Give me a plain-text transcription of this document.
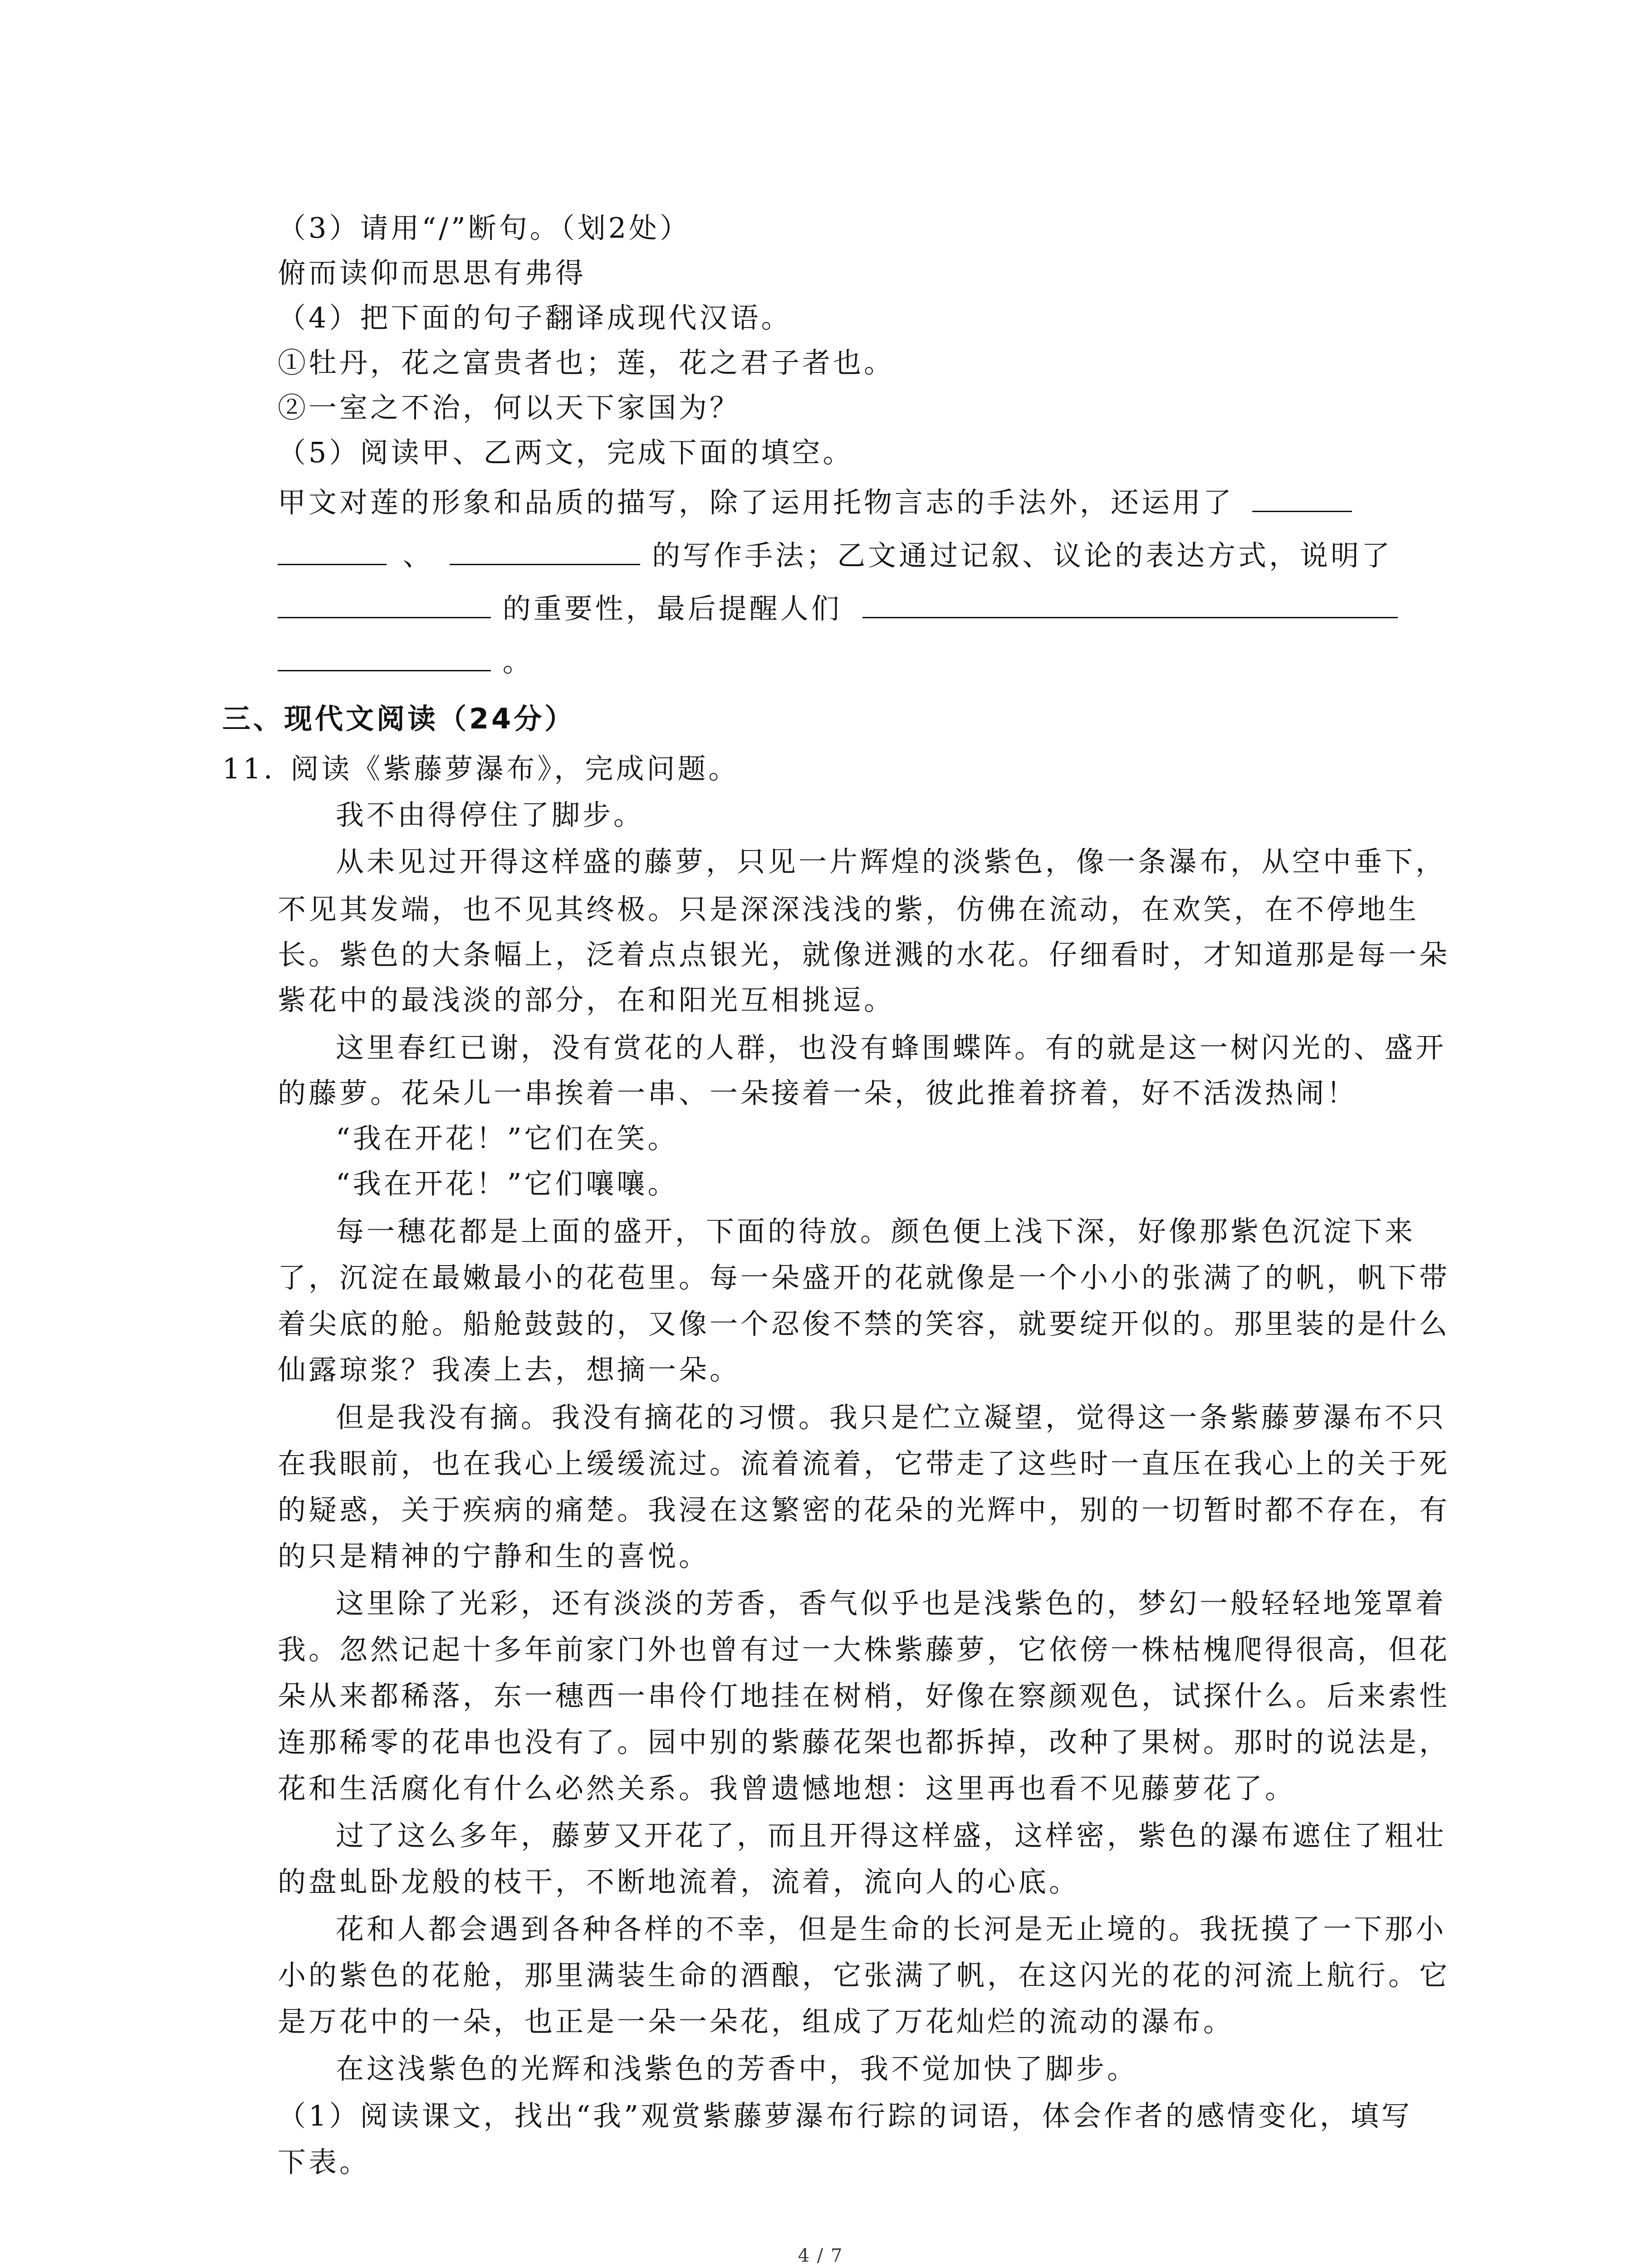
（3）请用“/”断句。（划2处）
俯而读仰而思思有弗得
（4）把下面的句子翻译成现代汉语。
①牡丹，花之富贵者也；莲，花之君子者也。
②一室之不治，何以天下家国为？
（5）阅读甲、乙两文，完成下面的填空。
甲文对莲的形象和品质的描写，除了运用托物言志的手法外，还运用了
、	的写作手法；乙文通过记叙、议论的表达方式，说明了
的重要性，最后提醒人们
。
三、现代文阅读（24分）
11. 阅读《紫藤萝瀑布》，完成问题。
我不由得停住了脚步。
从未见过开得这样盛的藤萝，只见一片辉煌的淡紫色，像一条瀑布，从空中垂下，
不见其发端，也不见其终极。只是深深浅浅的紫，仿佛在流动，在欢笑，在不停地生
长。紫色的大条幅上，泛着点点银光，就像迸溅的水花。仔细看时，才知道那是每一朵
紫花中的最浅淡的部分，在和阳光互相挑逗。
这里春红已谢，没有赏花的人群，也没有蜂围蝶阵。有的就是这一树闪光的、盛开
的藤萝。花朵儿一串挨着一串、一朵接着一朵，彼此推着挤着，好不活泼热闹！
“我在开花！”它们在笑。
“我在开花！”它们嚷嚷。
每一穗花都是上面的盛开，下面的待放。颜色便上浅下深，好像那紫色沉淀下来
了，沉淀在最嫩最小的花苞里。每一朵盛开的花就像是一个小小的张满了的帆，帆下带
着尖底的舱。船舱鼓鼓的，又像一个忍俊不禁的笑容，就要绽开似的。那里装的是什么
仙露琼浆？我凑上去，想摘一朵。
但是我没有摘。我没有摘花的习惯。我只是伫立凝望，觉得这一条紫藤萝瀑布不只
在我眼前，也在我心上缓缓流过。流着流着，它带走了这些时一直压在我心上的关于死
的疑惑，关于疾病的痛楚。我浸在这繁密的花朵的光辉中，别的一切暂时都不存在，有
的只是精神的宁静和生的喜悦。
这里除了光彩，还有淡淡的芳香，香气似乎也是浅紫色的，梦幻一般轻轻地笼罩着
我。忽然记起十多年前家门外也曾有过一大株紫藤萝，它依傍一株枯槐爬得很高，但花
朵从来都稀落，东一穗西一串伶仃地挂在树梢，好像在察颜观色，试探什么。后来索性
连那稀零的花串也没有了。园中别的紫藤花架也都拆掉，改种了果树。那时的说法是，
花和生活腐化有什么必然关系。我曾遗憾地想：这里再也看不见藤萝花了。
过了这么多年，藤萝又开花了，而且开得这样盛，这样密，紫色的瀑布遮住了粗壮
的盘虬卧龙般的枝干，不断地流着，流着，流向人的心底。
花和人都会遇到各种各样的不幸，但是生命的长河是无止境的。我抚摸了一下那小
小的紫色的花舱，那里满装生命的酒酿，它张满了帆，在这闪光的花的河流上航行。它
是万花中的一朵，也正是一朵一朵花，组成了万花灿烂的流动的瀑布。
在这浅紫色的光辉和浅紫色的芳香中，我不觉加快了脚步。
（1）阅读课文，找出“我”观赏紫藤萝瀑布行踪的词语，体会作者的感情变化，填写
下表。
4 / 7
